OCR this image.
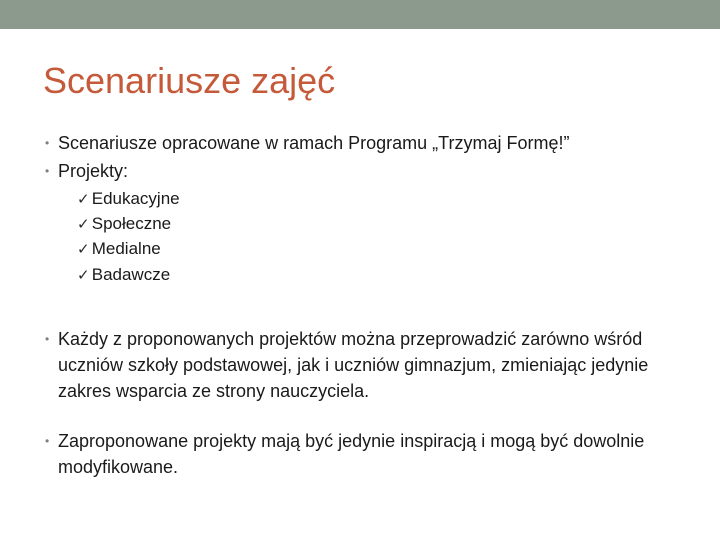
Scenariusze zajęć
• Scenariusze opracowane w ramach Programu „Trzymaj Formę!”
• Projekty:
✓ Edukacyjne
✓ Społeczne
✓ Medialne
✓ Badawcze
• Każdy z proponowanych projektów można przeprowadzić zarówno wśród uczniów szkoły podstawowej, jak i uczniów gimnazjum, zmieniając jedynie zakres wsparcia ze strony nauczyciela.
• Zaproponowane projekty mają być jedynie inspiracją i mogą być dowolnie modyfikowane.
